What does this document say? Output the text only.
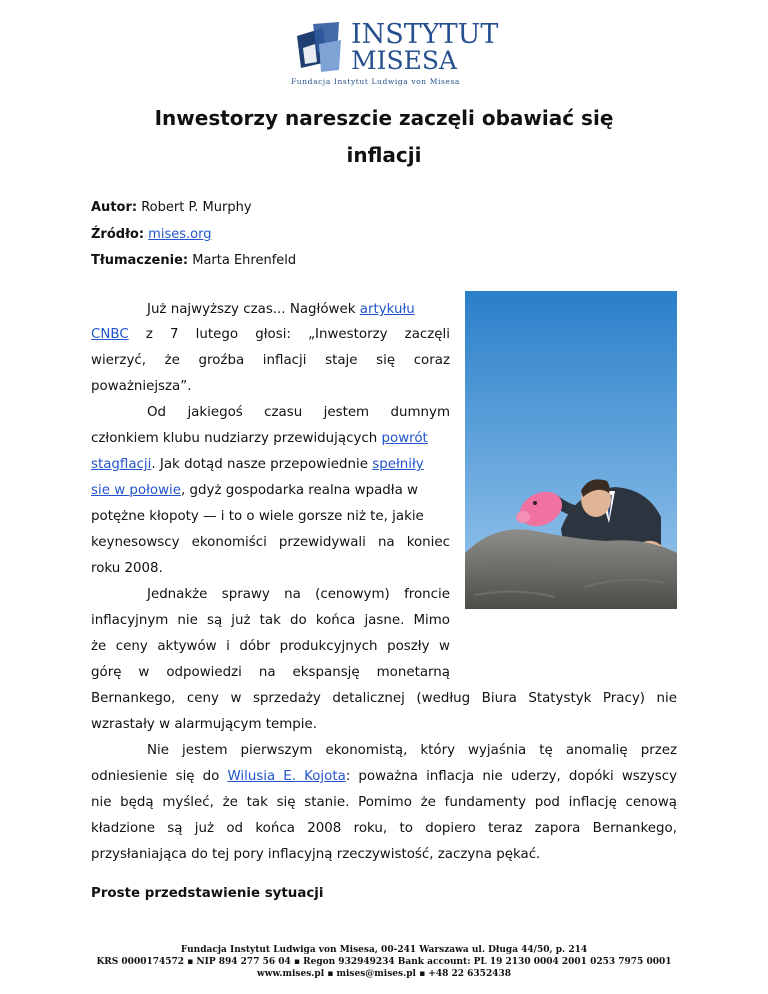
INSTYTUT
MISESA
Fundacja Instytut Ludwiga von Misesa
Inwestorzy nareszcie zaczęli obawiać się
inflacji
Autor: Robert P. Murphy
Źródło: mises.org
Tłumaczenie: Marta Ehrenfeld
Już najwyższy czas... Nagłówek artykułu
CNBC z 7 lutego głosi: „Inwestorzy zaczęli
wierzyć, że groźba inflacji staje się coraz
poważniejsza”.
Od jakiegoś czasu jestem dumnym
członkiem klubu nudziarzy przewidujących powrót
stagflacji. Jak dotąd nasze przepowiednie spełniły
sie w połowie, gdyż gospodarka realna wpadła w
potężne kłopoty — i to o wiele gorsze niż te, jakie
keynesowscy ekonomiści przewidywali na koniec
roku 2008.
Jednakże sprawy na (cenowym) froncie
inflacyjnym nie są już tak do końca jasne. Mimo
że ceny aktywów i dóbr produkcyjnych poszły w
górę w odpowiedzi na ekspansję monetarną
Bernankego, ceny w sprzedaży detalicznej (według Biura Statystyk Pracy) nie
wzrastały w alarmującym tempie.
Nie jestem pierwszym ekonomistą, który wyjaśnia tę anomalię przez
odniesienie się do Wilusia E. Kojota: poważna inflacja nie uderzy, dopóki wszyscy
nie będą myśleć, że tak się stanie. Pomimo że fundamenty pod inflację cenową
kładzione są już od końca 2008 roku, to dopiero teraz zapora Bernankego,
przysłaniająca do tej pory inflacyjną rzeczywistość, zaczyna pękać.
Proste przedstawienie sytuacji
Fundacja Instytut Ludwiga von Misesa, 00-241 Warszawa ul. Długa 44/50, p. 214
KRS 0000174572 ▪ NIP 894 277 56 04 ▪ Regon 932949234 Bank account: PL 19 2130 0004 2001 0253 7975 0001
www.mises.pl ▪ mises@mises.pl ▪ +48 22 6352438
